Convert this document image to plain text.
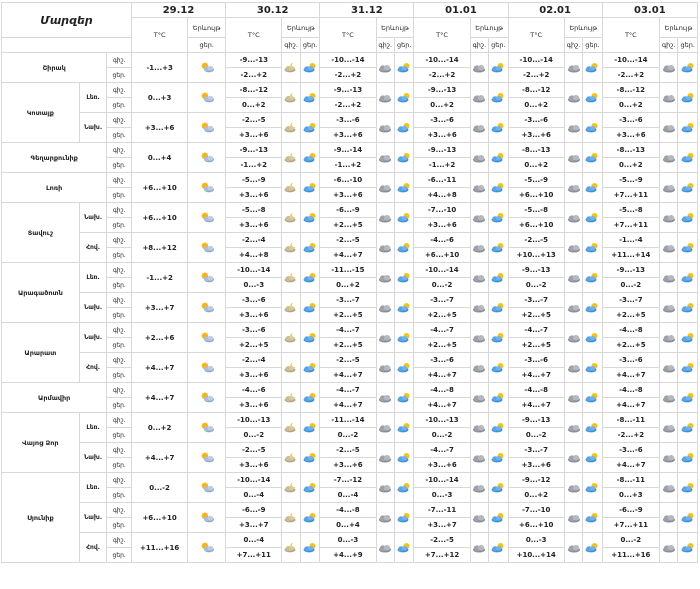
Մարզեր			29.12		30.12			31.12			01.01			02.01			03.01		
			T°C	Երևույթ	T°C	Երևույթ		T°C	Երևույթ		T°C	Երևույթ		T°C	Երևույթ		T°C	Երևույթ	
				ցեր.		գիշ.	ցեր.		գիշ.	ցեր.		գիշ.	ցեր.		գիշ.	ցեր.		գիշ.	ցեր.
Շիրակ		գիշ.	-1...+3		-9...-13			-10...-14			-10...-14			-10...-14			-10...-14	

		ցեր.			-2...+2			-2...+2			-2...+2			-2...+2			-2...+2		
Կոտայք	Լեռ.	գիշ.	0...+3		-8...-12			-9...-13			-9...-13			-8...-12			-8...-12	

		ցեր.			0...+2			-2...+2			0...+2			0...+2			0...+2		
	Նախ.	գիշ.	+3...+6		-2...-5			-3...-6			-3...-6			-3...-6			-3...-6	

		ցեր.			+3...+6			+3...+6			+3...+6			+3...+6			+3...+6		
Գեղարքունիք		գիշ.	0...+4		-9...-13			-9...-14			-9...-13			-8...-13			-8...-13	

		ցեր.			-1...+2			-1...+2			-1...+2			0...+2			0...+2		
Լոռի		գիշ.	+6...+10		-5...-9			-6...-10			-6...-11			-5...-9			-5...-9	

		ցեր.			+3...+6			+3...+6			+4...+8			+6...+10			+7...+11		
Տավուշ	Նախ.	գիշ.	+6...+10		-5...-8			-6...-9			-7...-10			-5...-8			-5...-8	

		ցեր.			+3...+6			+2...+5			+3...+6			+6...+10			+7...+11		
	Հով.	գիշ.	+8...+12		-2...-4			-2...-5			-4...-6			-2...-5			-1...-4	

		ցեր.			+4...+8			+4...+7			+6...+10			+10...+13			+11...+14		
Արագածոտն	Լեռ.	գիշ.	-1...+2		-10...-14			-11...-15			-10...-14			-9...-13			-9...-13	

		ցեր.			0...-3			0...+2			0...-2			0...-2			0...-2		
	Նախ.	գիշ.	+3...+7		-3...-6			-3...-7			-3...-7			-3...-7			-3...-7	

		ցեր.			+3...+6			+2...+5			+2...+5			+2...+5			+2...+5		
Արարատ	Նախ.	գիշ.	+2...+6		-3...-6			-4...-7			-4...-7			-4...-7			-4...-8	

		ցեր.			+2...+5			+2...+5			+2...+5			+2...+5			+2...+5		
	Հով.	գիշ.	+4...+7		-2...-4			-2...-5			-3...-6			-3...-6			-3...-6	

		ցեր.			+3...+6			+4...+7			+4...+7			+4...+7			+4...+7		
Արմավիր		գիշ.	+4...+7		-4...-6			-4...-7			-4...-8			-4...-8			-4...-8	

		ցեր.			+3...+6			+4...+7			+4...+7			+4...+7			+4...+7		
Վայոց Ձոր	Լեռ.	գիշ.	0...+2		-10...-13			-11...-14			-10...-13			-9...-13			-8...-11	

		ցեր.			0...-2			0...-2			0...-2			0...-2			-2...+2		
	Նախ.	գիշ.	+4...+7		-2...-5			-2...-5			-4...-7			-3...-7			-3...-6	

		ցեր.			+3...+6			+3...+6			+3...+6			+3...+6			+4...+7		
Սյունիք	Լեռ.	գիշ.	0...-2		-10...-14			-7...-12			-10...-14			-9...-12			-8...-11	

		ցեր.			0...-4			0...-4			0...-3			0...+2			0...+3		
	Նախ.	գիշ.	+6...+10		-6...-9			-4...-8			-7...-11			-7...-10			-6...-9	

		ցեր.			+3...+7			0...+4			+3...+7			+6...+10			+7...+11		
	Հով.	գիշ.	+11...+16		0...-4			0...-3			-2...-5			0...-3			0...-2	

		ցեր.			+7...+11			+4...+9			+7...+12			+10...+14			+11...+16		
